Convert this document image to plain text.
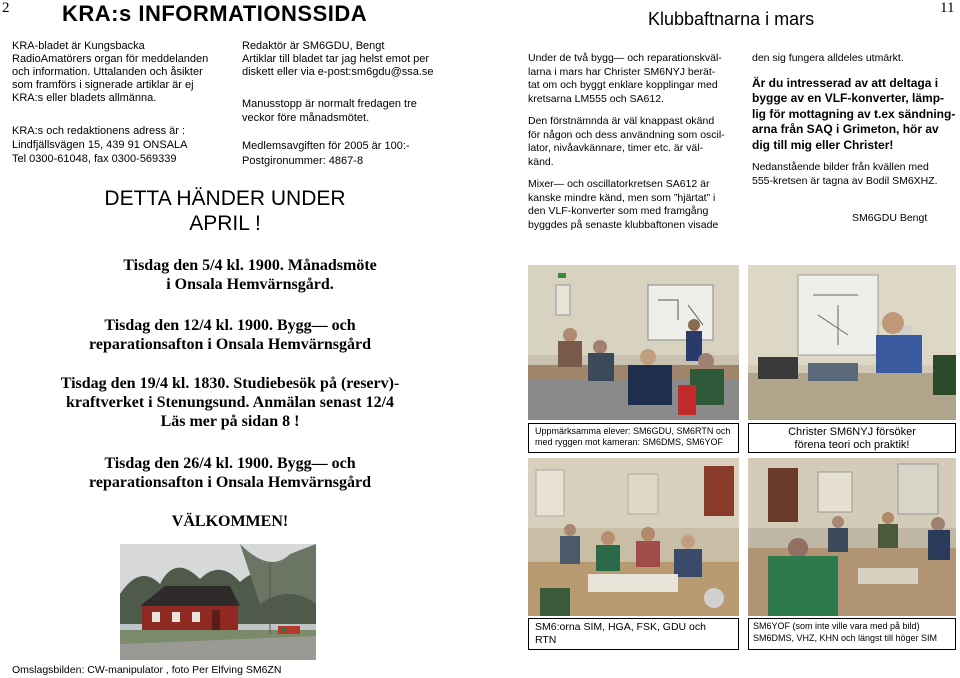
2 KRA:s INFORMATIONSSIDA
KRA-bladet är Kungsbacka
RadioAmatörers organ för meddelanden
och information. Uttalanden och åsikter
som framförs i signerade artiklar är ej
KRA:s eller bladets allmänna.
KRA:s och redaktionens adress är :
Lindfjällsvägen 15, 439 91 ONSALA
Tel 0300-61048, fax 0300-569339
Redaktör är SM6GDU, Bengt
Artiklar till bladet tar jag helst emot per
diskett eller via e-post:sm6gdu@ssa.se
Manusstopp är normalt fredagen tre
veckor före månadsmötet.
Medlemsavgiften för 2005 är 100:-
Postgironummer: 4867-8
DETTA HÄNDER UNDER
APRIL !
Tisdag den 5/4 kl. 1900. Månadsmöte
i Onsala Hemvärnsgård.
Tisdag den 12/4 kl. 1900. Bygg— och
reparationsafton i Onsala Hemvärnsgård
Tisdag den 19/4 kl. 1830. Studiebesök på (reserv)-
kraftverket i Stenungsund. Anmälan senast 12/4
Läs mer på sidan 8 !
Tisdag den 26/4 kl. 1900. Bygg— och
reparationsafton i Onsala Hemvärnsgård
VÄLKOMMEN!
Omslagsbilden: CW-manipulator , foto Per Elfving SM6ZN
Klubbaftnarna i mars
11
Under de två bygg— och reparationskväl-
larna i mars har Christer SM6NYJ berät-
tat om och byggt enklare kopplingar med
kretsarna LM555 och SA612.
Den förstnämnda är väl knappast okänd
för någon och dess användning som oscil-
lator, nivåavkännare, timer etc. är väl-
känd.
Mixer— och oscillatorkretsen SA612 är
kanske mindre känd, men som ”hjärtat” i
den VLF-konverter som med framgång
byggdes på senaste klubbaftonen visade
den sig fungera alldeles utmärkt.
Är du intresserad av att deltaga i
bygge av en VLF-konverter, lämp-
lig för mottagning av t.ex sändning-
arna från SAQ i Grimeton, hör av
dig till mig eller Christer!
Nedanstående bilder från kvällen med
555-kretsen är tagna av Bodil SM6XHZ.
SM6GDU Bengt
Uppmärksamma elever: SM6GDU, SM6RTN och
med ryggen mot kameran: SM6DMS, SM6YOF
Christer SM6NYJ försöker
förena teori och praktik!
SM6:orna SIM, HGA, FSK, GDU och
RTN
SM6YOF (som inte ville vara med på bild)
SM6DMS, VHZ, KHN och längst till höger SIM
